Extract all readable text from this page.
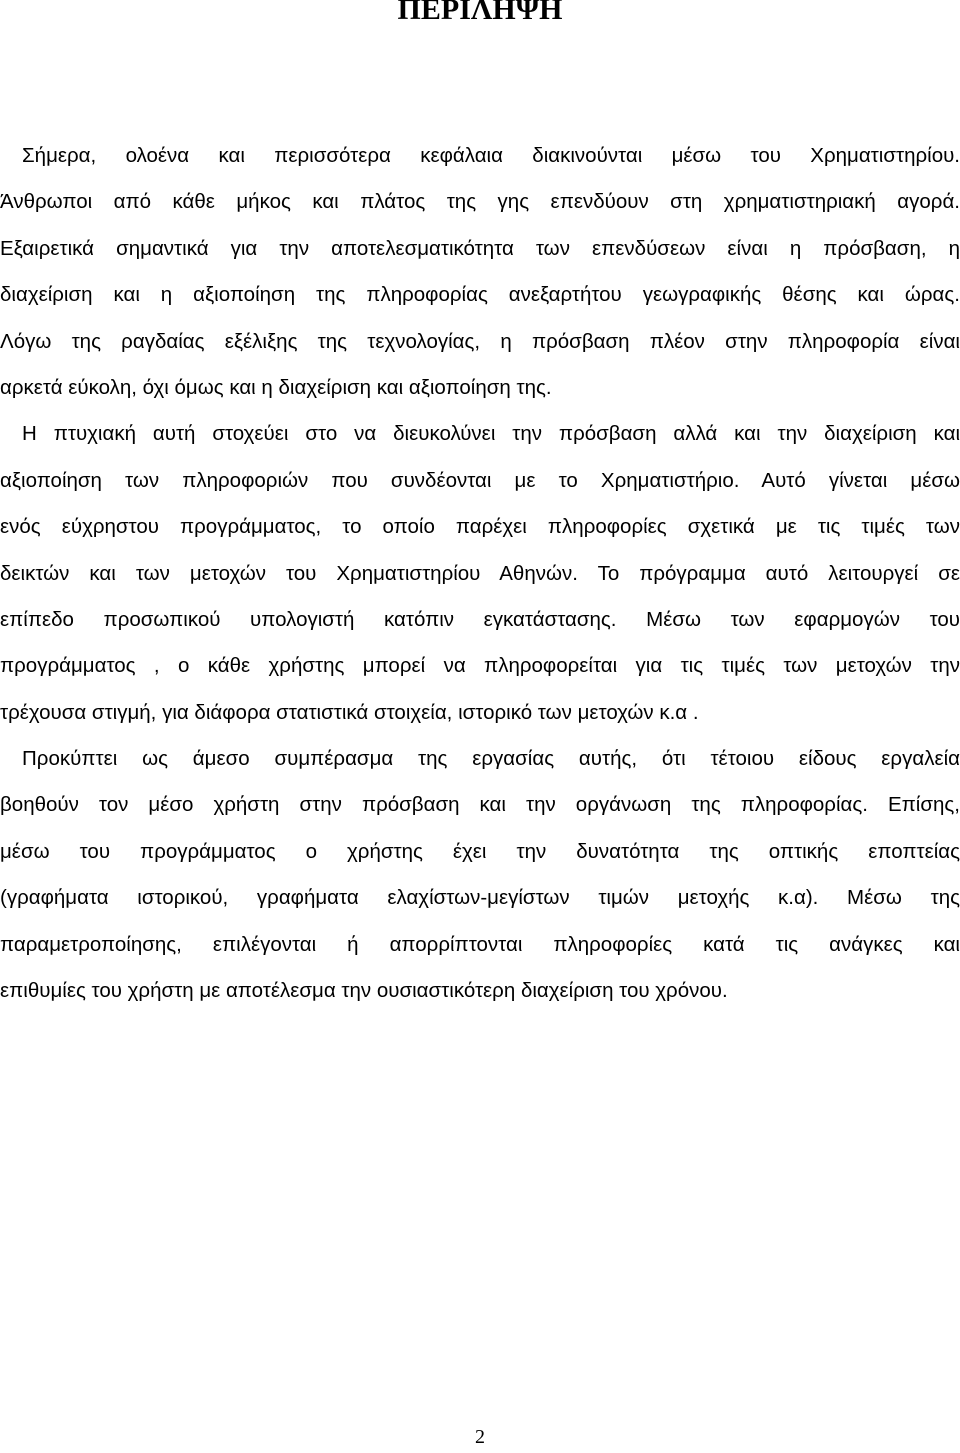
ΠΕΡΙΛΗΨΗ
Σήμερα, ολοένα και περισσότερα κεφάλαια διακινούνται μέσω του Χρηματιστηρίου.
Άνθρωποι από κάθε μήκος και πλάτος της γης επενδύουν στη χρηματιστηριακή αγορά.
Εξαιρετικά σημαντικά για την αποτελεσματικότητα των επενδύσεων είναι η πρόσβαση, η
διαχείριση και η αξιοποίηση της πληροφορίας ανεξαρτήτου γεωγραφικής θέσης και ώρας.
Λόγω της ραγδαίας εξέλιξης της τεχνολογίας, η πρόσβαση πλέον στην πληροφορία είναι
αρκετά εύκολη, όχι όμως και η διαχείριση και αξιοποίηση της.
Η πτυχιακή αυτή στοχεύει στο να διευκολύνει την πρόσβαση αλλά και την διαχείριση και
αξιοποίηση των πληροφοριών που συνδέονται με το Χρηματιστήριο. Αυτό γίνεται μέσω
ενός εύχρηστου προγράμματος, το οποίο παρέχει πληροφορίες σχετικά με τις τιμές των
δεικτών και των μετοχών του Χρηματιστηρίου Αθηνών. Το πρόγραμμα αυτό λειτουργεί σε
επίπεδο προσωπικού υπολογιστή κατόπιν εγκατάστασης. Μέσω των εφαρμογών του
προγράμματος , ο κάθε χρήστης μπορεί να πληροφορείται για τις τιμές των μετοχών την
τρέχουσα στιγμή, για διάφορα στατιστικά στοιχεία, ιστορικό των μετοχών κ.α .
Προκύπτει ως άμεσο συμπέρασμα της εργασίας αυτής, ότι τέτοιου είδους εργαλεία
βοηθούν τον μέσο χρήστη στην πρόσβαση και την οργάνωση της πληροφορίας. Επίσης,
μέσω του προγράμματος ο χρήστης έχει την δυνατότητα της οπτικής εποπτείας
(γραφήματα ιστορικού, γραφήματα ελαχίστων-μεγίστων τιμών μετοχής κ.α). Μέσω της
παραμετροποίησης, επιλέγονται ή απορρίπτονται πληροφορίες κατά τις ανάγκες και
επιθυμίες του χρήστη με αποτέλεσμα την ουσιαστικότερη διαχείριση του χρόνου.
2
